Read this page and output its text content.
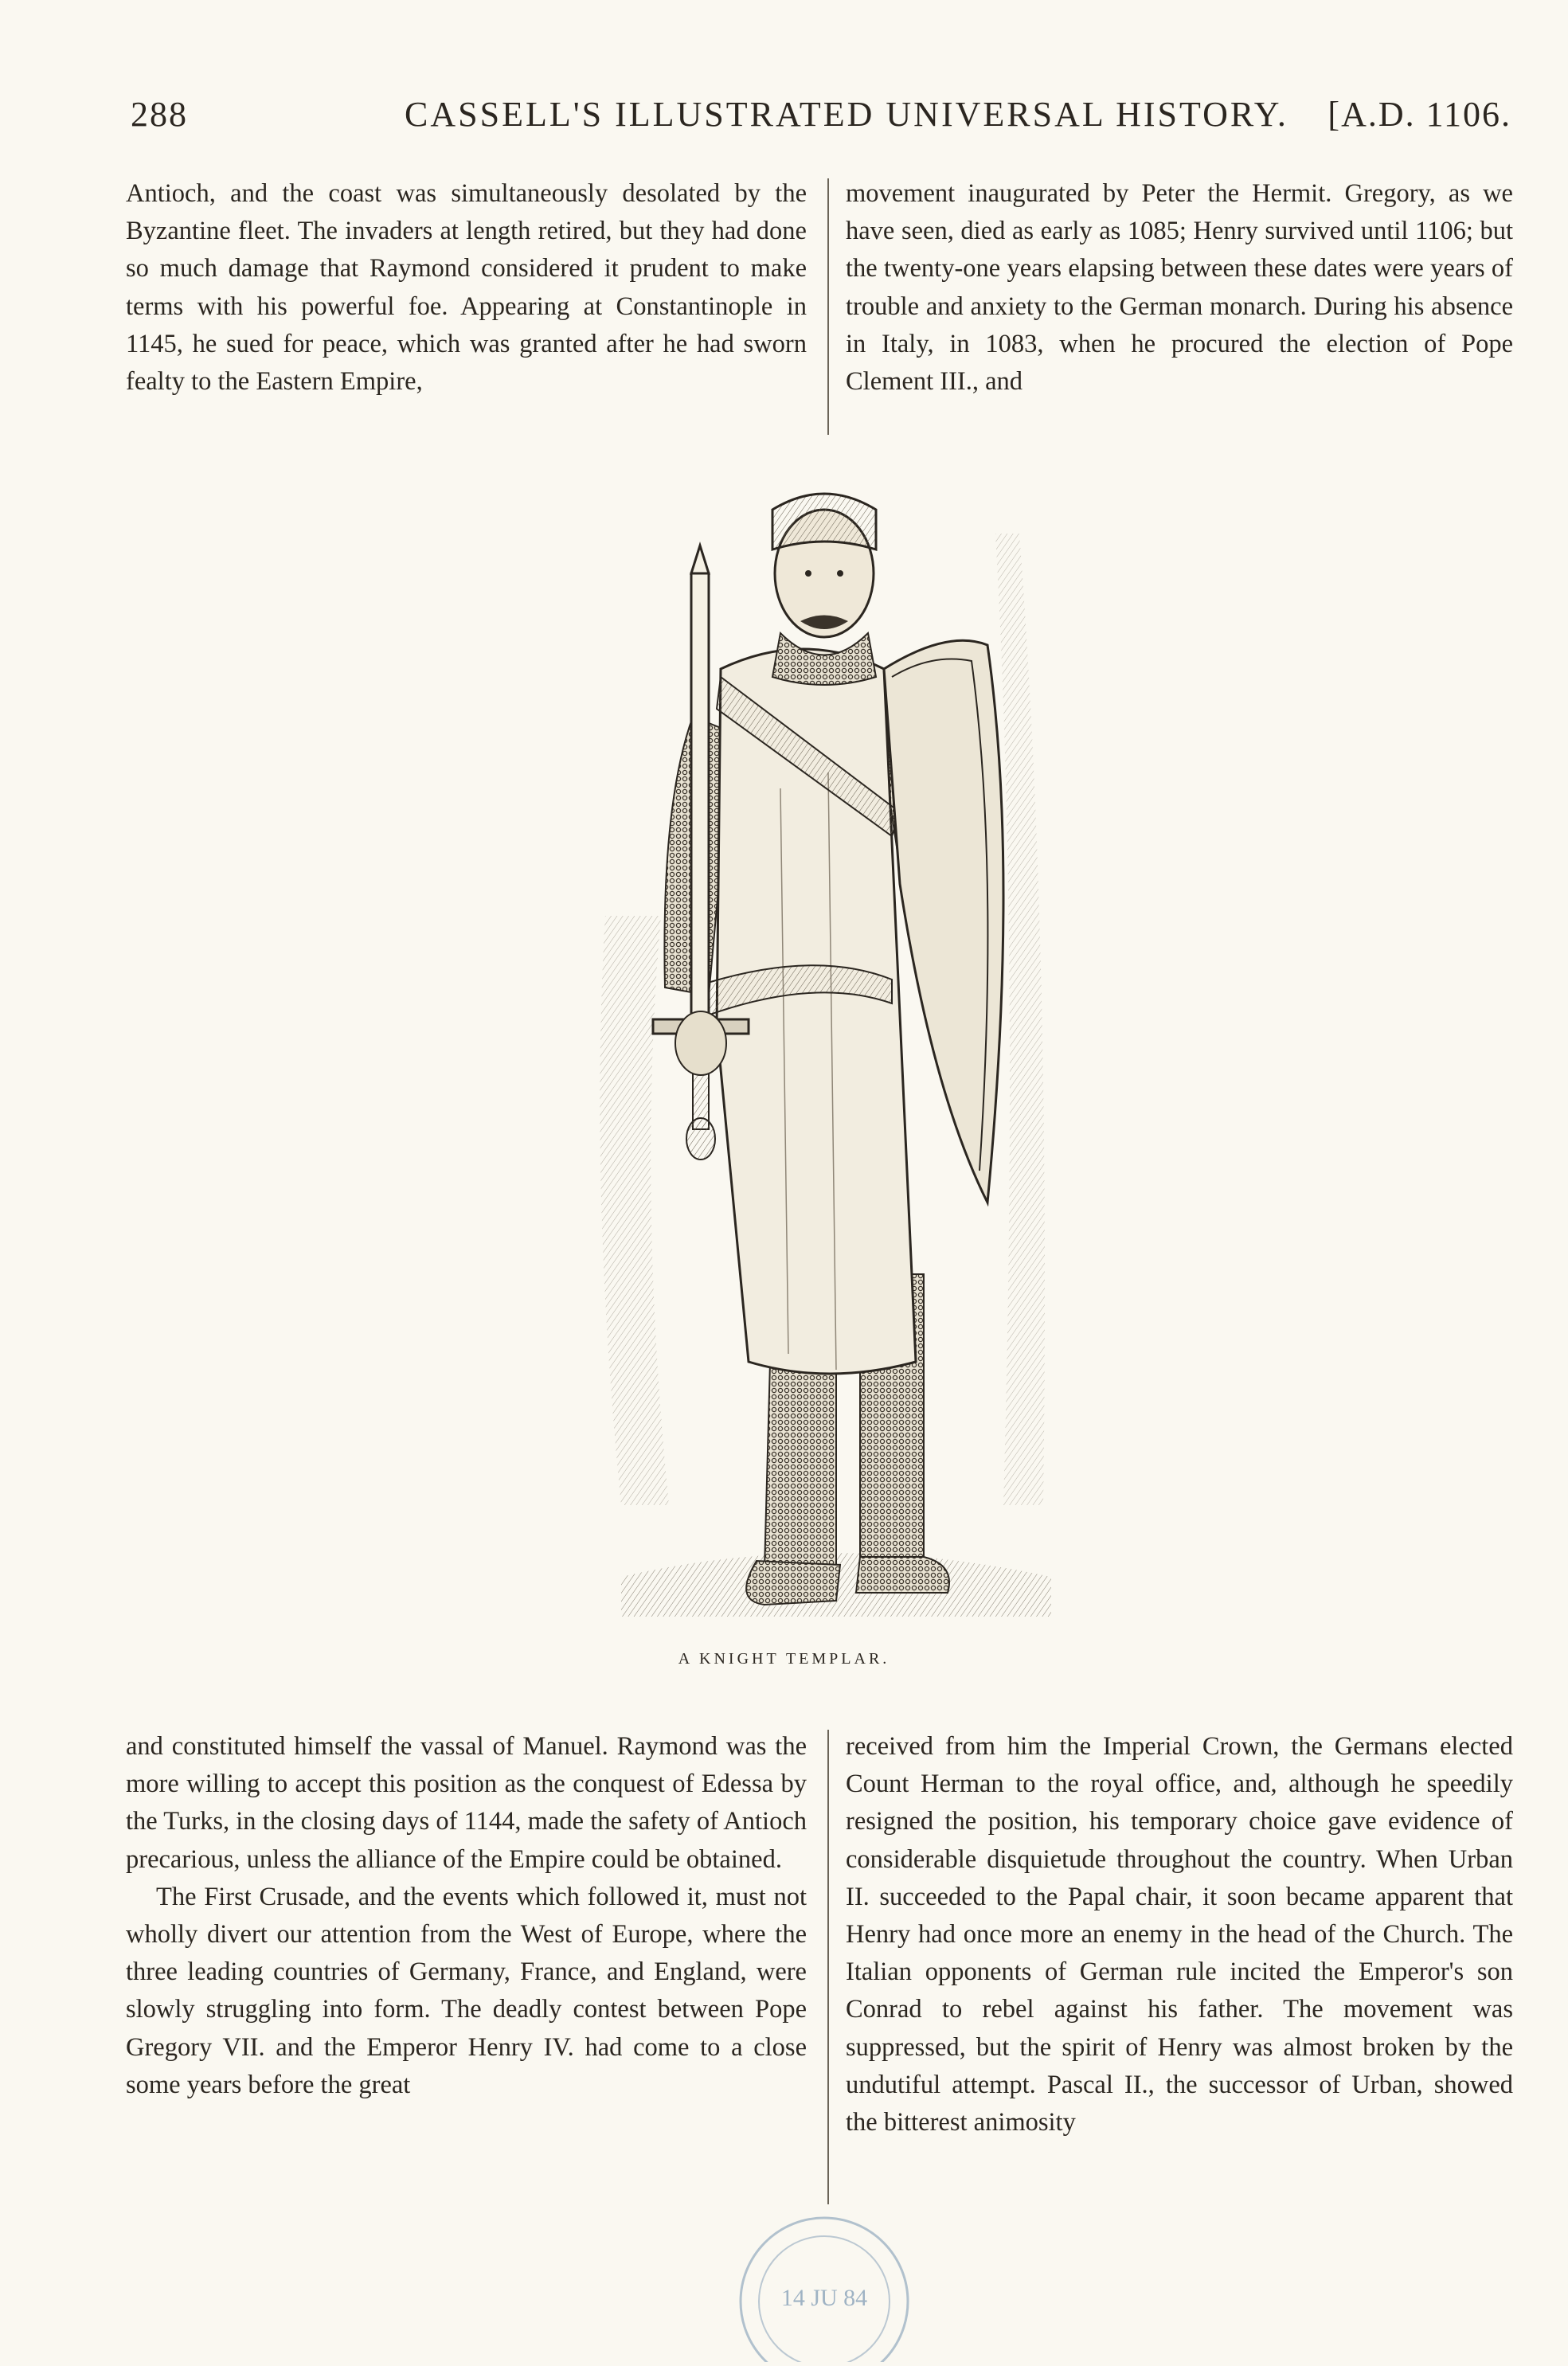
288	CASSELL'S ILLUSTRATED UNIVERSAL HISTORY. [A.D. 1106.

Antioch, and the coast was simultaneously desolated by the Byzantine fleet. The invaders at length retired, but they had done so much damage that Raymond considered it prudent to make terms with his powerful foe. Appearing at Constantinople in 1145, he sued for peace, which was granted after he had sworn fealty to the Eastern Empire,

movement inaugurated by Peter the Hermit. Gregory, as we have seen, died as early as 1085; Henry survived until 1106; but the twenty-one years elapsing between these dates were years of trouble and anxiety to the German monarch. During his absence in Italy, in 1083, when he procured the election of Pope Clement III., and

A KNIGHT TEMPLAR.

and constituted himself the vassal of Manuel. Raymond was the more willing to accept this position as the conquest of Edessa by the Turks, in the closing days of 1144, made the safety of Antioch precarious, unless the alliance of the Empire could be obtained.

The First Crusade, and the events which followed it, must not wholly divert our attention from the West of Europe, where the three leading countries of Germany, France, and England, were slowly struggling into form. The deadly contest between Pope Gregory VII. and the Emperor Henry IV. had come to a close some years before the great

received from him the Imperial Crown, the Germans elected Count Herman to the royal office, and, although he speedily resigned the position, his temporary choice gave evidence of considerable disquietude throughout the country. When Urban II. succeeded to the Papal chair, it soon became apparent that Henry had once more an enemy in the head of the Church. The Italian opponents of German rule incited the Emperor's son Conrad to rebel against his father. The movement was suppressed, but the spirit of Henry was almost broken by the undutiful attempt. Pascal II., the successor of Urban, showed the bitterest animosity

14 JU 84
